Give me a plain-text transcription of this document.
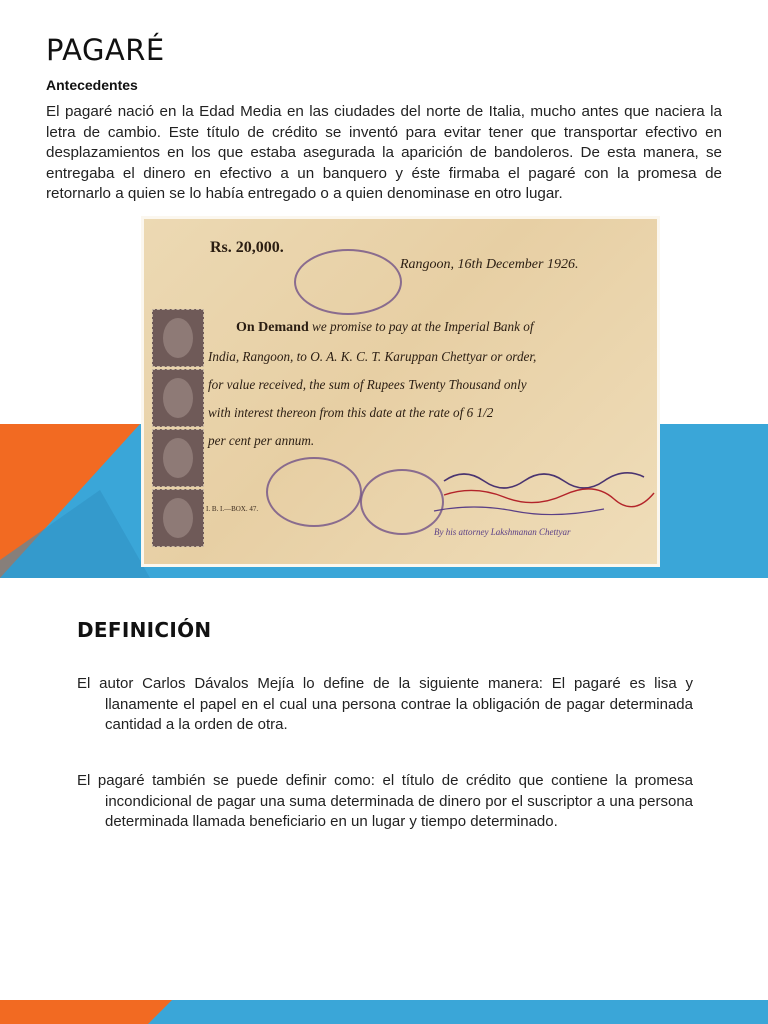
PAGARÉ

Antecedentes

El pagaré nació en la Edad Media en las ciudades del norte de Italia, mucho antes que naciera la letra de cambio. Este título de crédito se inventó para evitar tener que transportar efectivo en desplazamientos en los que estaba asegurada la aparición de bandoleros. De esta manera, se entregaba el dinero en efectivo a un banquero y éste firmaba el pagaré con la promesa de retornarlo a quien se lo había entregado o a quien denominase en otro lugar.

Rs. 20,000.
Rangoon, 16th December 1926.
On Demand we promise to pay at the Imperial Bank of
India, Rangoon, to O. A. K. C. T. Karuppan Chettyar or order,
for value received, the sum of Rupees Twenty Thousand only
with interest thereon from this date at the rate of 6 1/2
per cent per annum.
By his attorney Lakshmanan Chettyar
I. B. I.—BOX. 47.
DEFINICIÓN

El autor Carlos Dávalos Mejía lo define de la siguiente manera: El pagaré es lisa y llanamente el papel en el cual una persona contrae la obligación de pagar determinada cantidad a la orden de otra.

El pagaré también se puede definir como: el título de crédito que contiene la promesa incondicional de pagar una suma determinada de dinero por el suscriptor a una persona determinada llamada beneficiario en un lugar y tiempo determinado.
